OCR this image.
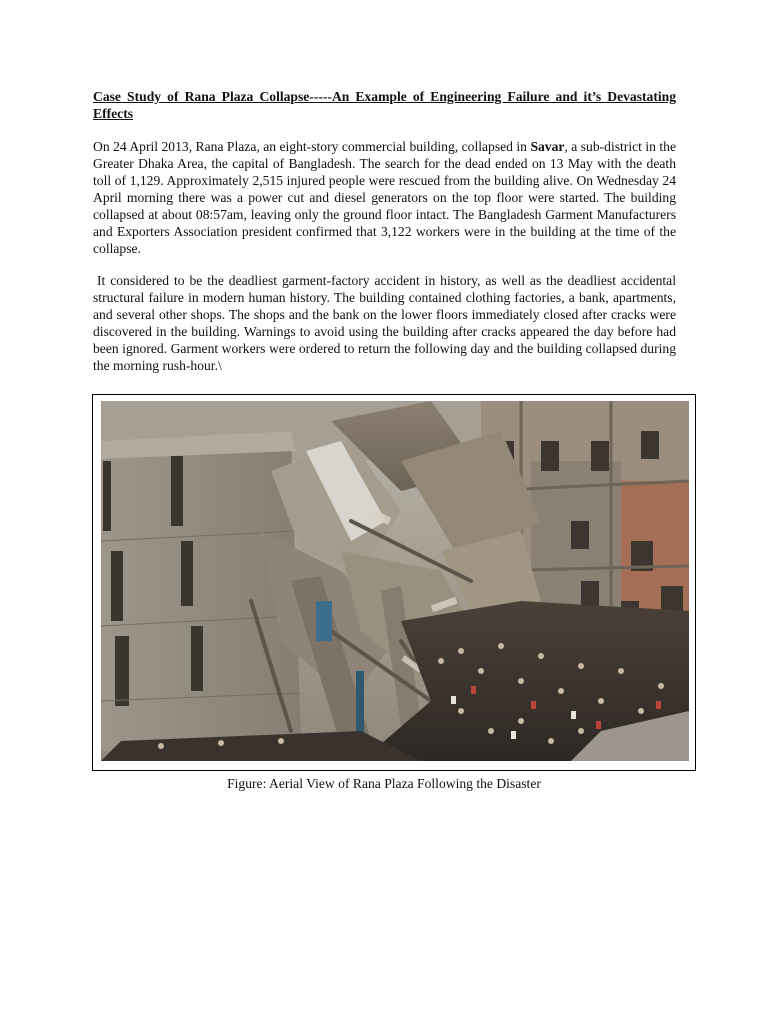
Case Study of Rana Plaza Collapse-----An Example of Engineering Failure and it’s Devastating Effects

On 24 April 2013, Rana Plaza, an eight-story commercial building, collapsed in Savar, a sub-district in the Greater Dhaka Area, the capital of Bangladesh. The search for the dead ended on 13 May with the death toll of 1,129. Approximately 2,515 injured people were rescued from the building alive. On Wednesday 24 April morning there was a power cut and diesel generators on the top floor were started. The building collapsed at about 08:57am, leaving only the ground floor intact. The Bangladesh Garment Manufacturers and Exporters Association president confirmed that 3,122 workers were in the building at the time of the collapse.

It considered to be the deadliest garment-factory accident in history, as well as the deadliest accidental structural failure in modern human history. The building contained clothing factories, a bank, apartments, and several other shops. The shops and the bank on the lower floors immediately closed after cracks were discovered in the building. Warnings to avoid using the building after cracks appeared the day before had been ignored. Garment workers were ordered to return the following day and the building collapsed during the morning rush-hour.\

Figure: Aerial View of Rana Plaza Following the Disaster
